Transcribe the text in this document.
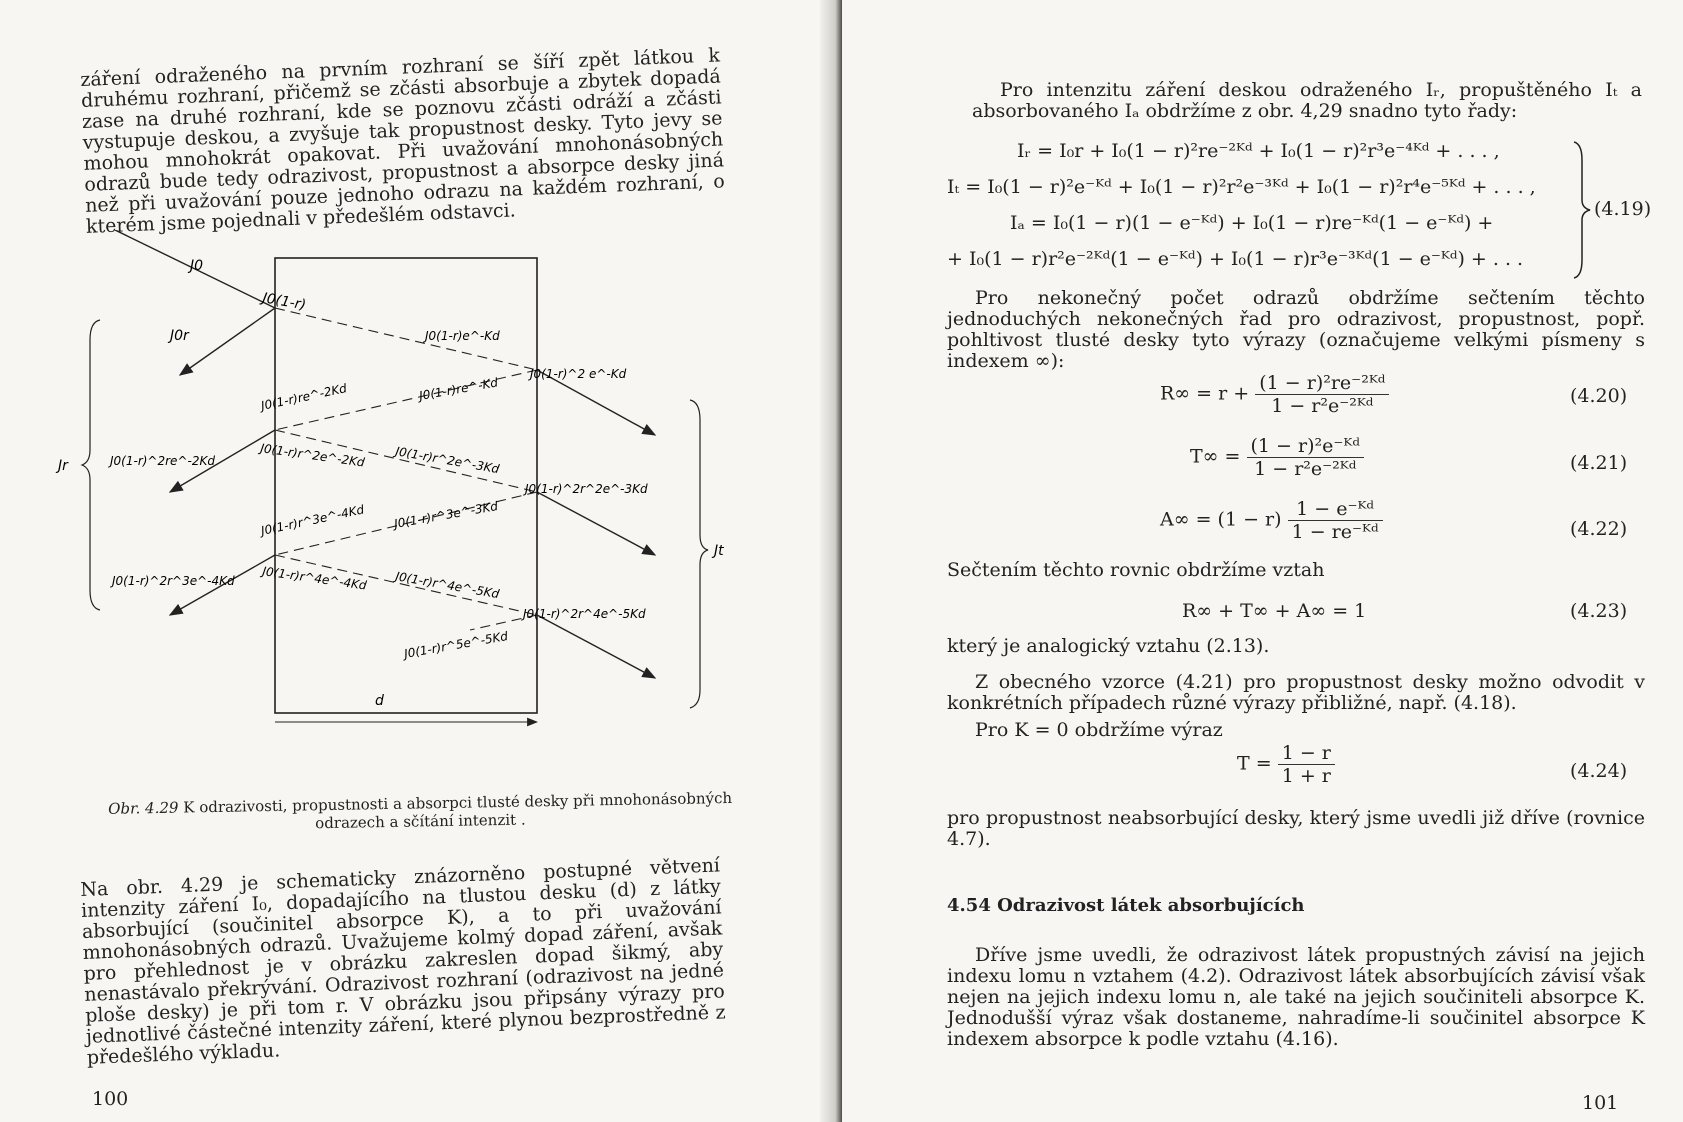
záření odraženého na prvním rozhraní se šíří zpět látkou k druhému rozhraní, přičemž se zčásti absorbuje a zbytek dopadá zase na druhé rozhraní, kde se poznovu zčásti odráží a zčásti vystupuje deskou, a zvyšuje tak propustnost desky. Tyto jevy se mohou mnohokrát opakovat. Při uvažování mnohonásobných odrazů bude tedy odrazivost, propustnost a absorpce desky jiná než při uvažování pouze jednoho odrazu na každém rozhraní, o kterém jsme pojednali v předešlém odstavci.

J0
J0(1-r)
J0r	J0(1-r)e^-Kd
J0(1-r)^2 e^-Kd
J0(1-r)re^-2Kd	J0(1-r)re^-Kd
J0(1-r)^2re^-2Kd	J0(1-r)r^2e^-2Kd J0(1-r)r^2e^-3Kd
J0(1-r)^2r^2e^-3Kd
J0(1-r)r^3e^-4Kd J0(1-r)r^3e^-3Kd
J0(1-r)^2r^3e^-4Kd J0(1-r)r^4e^-4Kd J0(1-r)r^4e^-5Kd
J0(1-r)^2r^4e^-5Kd
J0(1-r)r^5e^-5Kd
Jr
Jt
d
Obr. 4.29 K odrazivosti, propustnosti a absorpci tlusté desky při mnohonásobných odrazech a sčítání intenzit .

Na obr. 4.29 je schematicky znázorněno postupné větvení intenzity záření I₀, dopadajícího na tlustou desku (d) z látky absorbující (součinitel absorpce K), a to při uvažování mnohonásobných odrazů. Uvažujeme kolmý dopad záření, avšak pro přehlednost je v obrázku zakreslen dopad šikmý, aby nenastávalo překrývání. Odrazivost rozhraní (odrazivost na jedné ploše desky) je při tom r. V obrázku jsou připsány výrazy pro jednotlivé částečné intenzity záření, které plynou bezprostředně z předešlého výkladu.

100

Pro intenzitu záření deskou odraženého Iᵣ, propuštěného Iₜ a absorbovaného Iₐ obdržíme z obr. 4,29 snadno tyto řady:

Iᵣ = I₀r + I₀(1 − r)²re⁻²ᴷᵈ + I₀(1 − r)²r³e⁻⁴ᴷᵈ + . . . ,
Iₜ = I₀(1 − r)²e⁻ᴷᵈ + I₀(1 − r)²r²e⁻³ᴷᵈ + I₀(1 − r)²r⁴e⁻⁵ᴷᵈ + . . . ,
Iₐ = I₀(1 − r)(1 − e⁻ᴷᵈ) + I₀(1 − r)re⁻ᴷᵈ(1 − e⁻ᴷᵈ) +
+ I₀(1 − r)r²e⁻²ᴷᵈ(1 − e⁻ᴷᵈ) + I₀(1 − r)r³e⁻³ᴷᵈ(1 − e⁻ᴷᵈ) + . . .
(4.19)

Pro nekonečný počet odrazů obdržíme sečtením těchto jednoduchých nekonečných řad pro odrazivost, propustnost, popř. pohltivost tlusté desky tyto výrazy (označujeme velkými písmeny s indexem ∞):

$R\infty = r + \frac{\text{(1 − r)²re⁻²ᴷᵈ}}{\text{1 − r²e⁻²ᴷᵈ}}$	(4.20)
$T\infty = \frac{\text{(1 − r)²e⁻ᴷᵈ}}{\text{1 − r²e⁻²ᴷᵈ}}$	(4.21)
$A\infty = (1 - r) \frac{\text{1 − e⁻ᴷᵈ}}{\text{1 − re⁻ᴷᵈ}}$	(4.22)
Sečtením těchto rovnic obdržíme vztah
R∞ + T∞ + A∞ = 1	(4.23)
který je analogický vztahu (2.13).

Z obecného vzorce (4.21) pro propustnost desky možno odvodit v konkrétních případech různé výrazy přibližné, např. (4.18).

Pro K = 0 obdržíme výraz
$T = \frac{1 - r}{1 + r}$	(4.24)

pro propustnost neabsorbující desky, který jsme uvedli již dříve (rovnice 4.7).

4.54 Odrazivost látek absorbujících

Dříve jsme uvedli, že odrazivost látek propustných závisí na jejich indexu lomu n vztahem (4.2). Odrazivost látek absorbujících závisí však nejen na jejich indexu lomu n, ale také na jejich součiniteli absorpce K. Jednodušší výraz však dostaneme, nahradíme-li součinitel absorpce K indexem absorpce k podle vztahu (4.16).

101
